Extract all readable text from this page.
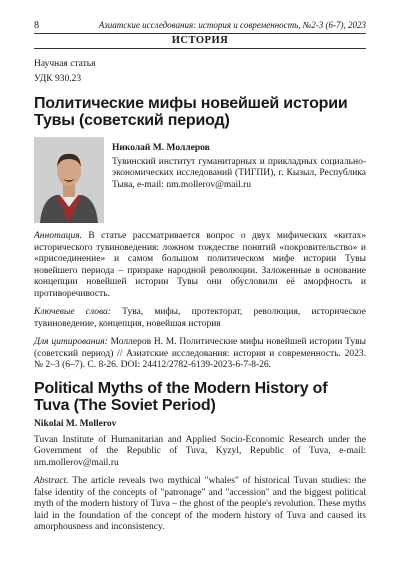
8	Азиатские исследования: история и современность, №2-3 (6-7), 2023
ИСТОРИЯ
Научная статья
УДК 930.23
Политические мифы новейшей истории Тувы (советский период)
Николай М. Моллеров
Тувинский институт гуманитарных и прикладных социально-экономических исследований (ТИГПИ), г. Кызыл, Республика Тыва, e-mail: nm.mollerov@mail.ru

Аннотация. В статье рассматривается вопрос о двух мифических «китах» исторического тувиноведения: ложном тождестве понятий «покровительство» и «присоединение» и самом большом политическом мифе истории Тувы новейшего периода – призраке народной революции. Заложенные в основание концепции новейшей истории Тувы они обусловили её аморфность и противоречивость.

Ключевые слова: Тува, мифы, протекторат, революция, историческое тувиноведение, концепция, новейшая история

Для цитирования: Моллеров Н. М. Политические мифы новейшей истории Тувы (советский период) // Азиатские исследования: история и современность. 2023. № 2–3 (6–7). С. 8-26. DOI: 24412/2782-6139-2023-6-7-8-26.

Political Myths of the Modern History of Tuva (The Soviet Period)
Nikolai M. Mollerov

Tuvan Institute of Humanitarian and Applied Socio-Economic Research under the Government of the Republic of Tuva, Kyzyl, Republic of Tuva, e-mail: nm.mollerov@mail.ru

Abstract. The article reveals two mythical "whales" of historical Tuvan studies: the false identity of the concepts of "patronage" and "accession" and the biggest political myth of the modern history of Tuva – the ghost of the people's revolution. These myths laid in the foundation of the concept of the modern history of Tuva and caused its amorphousness and inconsistency.
